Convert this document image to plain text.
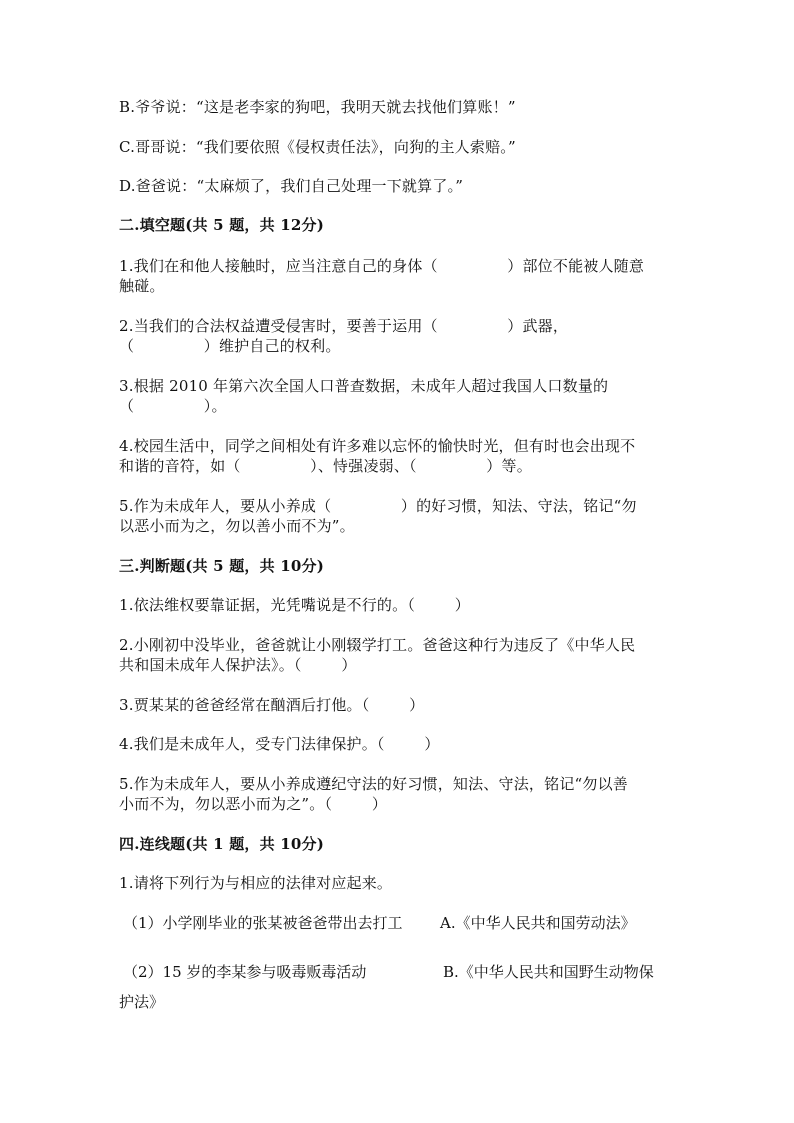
B.爷爷说：“这是老李家的狗吧，我明天就去找他们算账！”
C.哥哥说：“我们要依照《侵权责任法》，向狗的主人索赔。”
D.爸爸说：“太麻烦了，我们自己处理一下就算了。”
二.填空题(共 5 题，共 12分)
1.我们在和他人接触时，应当注意自己的身体（              ）部位不能被人随意
触碰。
2.当我们的合法权益遭受侵害时，要善于运用（              ）武器，
（              ）维护自己的权利。
3.根据 2010 年第六次全国人口普查数据，未成年人超过我国人口数量的
（              ）。
4.校园生活中，同学之间相处有许多难以忘怀的愉快时光，但有时也会出现不
和谐的音符，如（              ）、恃强凌弱、（              ）等。
5.作为未成年人，要从小养成（              ）的好习惯，知法、守法，铭记“勿
以恶小而为之，勿以善小而不为”。
三.判断题(共 5 题，共 10分)
1.依法维权要靠证据，光凭嘴说是不行的。（        ）
2.小刚初中没毕业，爸爸就让小刚辍学打工。爸爸这种行为违反了《中华人民
共和国未成年人保护法》。（        ）
3.贾某某的爸爸经常在酗酒后打他。（        ）
4.我们是未成年人，受专门法律保护。（        ）
5.作为未成年人，要从小养成遵纪守法的好习惯，知法、守法，铭记“勿以善
小而不为，勿以恶小而为之”。（        ）
四.连线题(共 1 题，共 10分)
1.请将下列行为与相应的法律对应起来。
（1）小学刚毕业的张某被爸爸带出去打工 A.《中华人民共和国劳动法》
（2）15 岁的李某参与吸毒贩毒活动	B.《中华人民共和国野生动物保
护法》
